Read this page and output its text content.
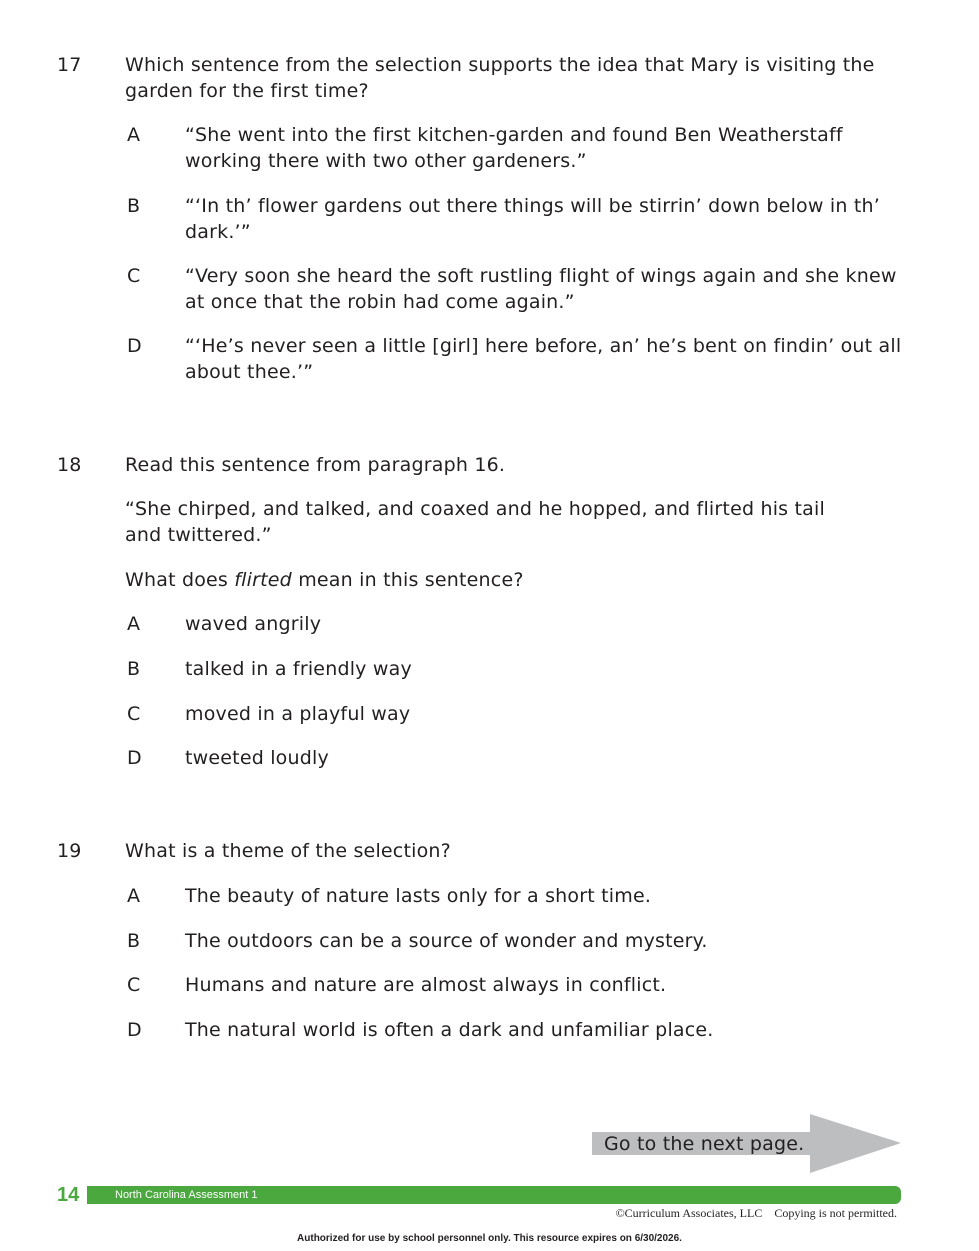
17 Which sentence from the selection supports the idea that Mary is visiting the garden for the first time?
A “She went into the first kitchen-garden and found Ben Weatherstaff working there with two other gardeners.”
B “‘In th’ flower gardens out there things will be stirrin’ down below in th’ dark.’”
C “Very soon she heard the soft rustling flight of wings again and she knew at once that the robin had come again.”
D “‘He’s never seen a little [girl] here before, an’ he’s bent on findin’ out all about thee.’”
18 Read this sentence from paragraph 16.
“She chirped, and talked, and coaxed and he hopped, and flirted his tail and twittered.”
What does flirted mean in this sentence?
A waved angrily
B talked in a friendly way
C moved in a playful way
D tweeted loudly
19 What is a theme of the selection?
A The beauty of nature lasts only for a short time.
B The outdoors can be a source of wonder and mystery.
C Humans and nature are almost always in conflict.
D The natural world is often a dark and unfamiliar place.
Go to the next page.
14	North Carolina Assessment 1
©Curriculum Associates, LLC Copying is not permitted.
Authorized for use by school personnel only. This resource expires on 6/30/2026.
